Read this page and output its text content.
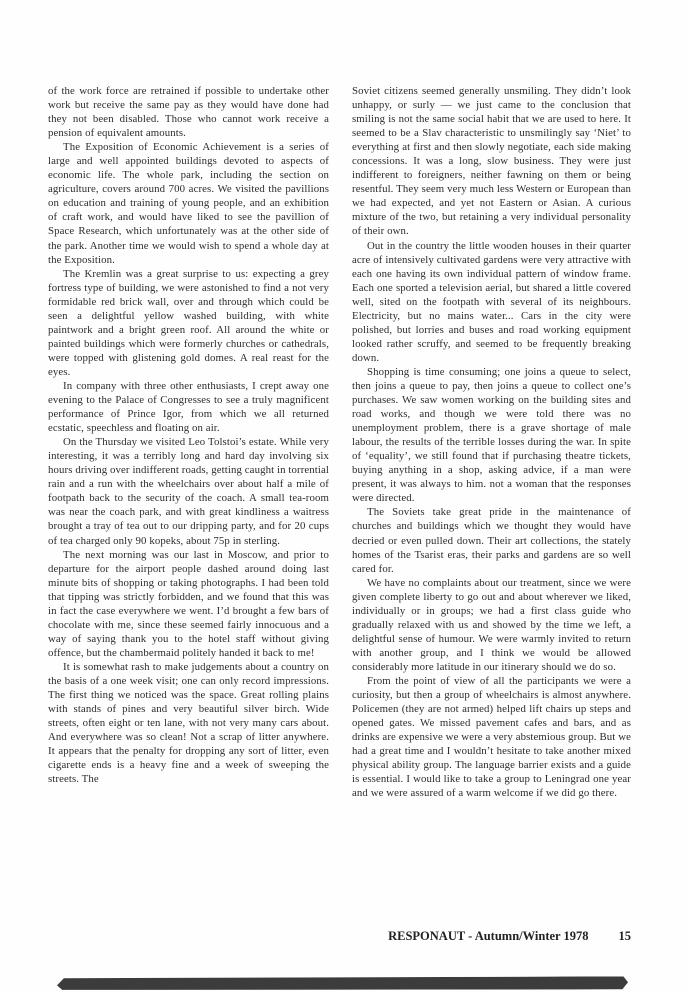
of the work force are retrained if possible to undertake other work but receive the same pay as they would have done had they not been disabled. Those who cannot work receive a pension of equivalent amounts.

The Exposition of Economic Achievement is a series of large and well appointed buildings devoted to aspects of economic life. The whole park, including the section on agriculture, covers around 700 acres. We visited the pavillions on education and training of young people, and an exhibition of craft work, and would have liked to see the pavillion of Space Research, which unfortunately was at the other side of the park. Another time we would wish to spend a whole day at the Exposition.

The Kremlin was a great surprise to us: expecting a grey fortress type of building, we were astonished to find a not very formidable red brick wall, over and through which could be seen a delightful yellow washed building, with white paintwork and a bright green roof. All around the white or painted buildings which were formerly churches or cathedrals, were topped with glistening gold domes. A real reast for the eyes.

In company with three other enthusiasts, I crept away one evening to the Palace of Congresses to see a truly magnificent performance of Prince Igor, from which we all returned ecstatic, speechless and floating on air.

On the Thursday we visited Leo Tolstoi’s estate. While very interesting, it was a terribly long and hard day involving six hours driving over indifferent roads, getting caught in torrential rain and a run with the wheelchairs over about half a mile of footpath back to the security of the coach. A small tea-room was near the coach park, and with great kindliness a waitress brought a tray of tea out to our dripping party, and for 20 cups of tea charged only 90 kopeks, about 75p in sterling.

The next morning was our last in Moscow, and prior to departure for the airport people dashed around doing last minute bits of shopping or taking photographs. I had been told that tipping was strictly forbidden, and we found that this was in fact the case everywhere we went. I’d brought a few bars of chocolate with me, since these seemed fairly innocuous and a way of saying thank you to the hotel staff without giving offence, but the chambermaid politely handed it back to me!

It is somewhat rash to make judgements about a country on the basis of a one week visit; one can only record impressions. The first thing we noticed was the space. Great rolling plains with stands of pines and very beautiful silver birch. Wide streets, often eight or ten lane, with not very many cars about. And everywhere was so clean! Not a scrap of litter anywhere. It appears that the penalty for dropping any sort of litter, even cigarette ends is a heavy fine and a week of sweeping the streets. The

Soviet citizens seemed generally unsmiling. They didn’t look unhappy, or surly — we just came to the conclusion that smiling is not the same social habit that we are used to here. It seemed to be a Slav characteristic to unsmilingly say ‘Niet’ to everything at first and then slowly negotiate, each side making concessions. It was a long, slow business. They were just indifferent to foreigners, neither fawning on them or being resentful. They seem very much less Western or European than we had expected, and yet not Eastern or Asian. A curious mixture of the two, but retaining a very individual personality of their own.

Out in the country the little wooden houses in their quarter acre of intensively cultivated gardens were very attractive with each one having its own individual pattern of window frame. Each one sported a television aerial, but shared a little covered well, sited on the footpath with several of its neighbours. Electricity, but no mains water... Cars in the city were polished, but lorries and buses and road working equipment looked rather scruffy, and seemed to be frequently breaking down.

Shopping is time consuming; one joins a queue to select, then joins a queue to pay, then joins a queue to collect one’s purchases. We saw women working on the building sites and road works, and though we were told there was no unemployment problem, there is a grave shortage of male labour, the results of the terrible losses during the war. In spite of ‘equality’, we still found that if purchasing theatre tickets, buying anything in a shop, asking advice, if a man were present, it was always to him. not a woman that the responses were directed.

The Soviets take great pride in the maintenance of churches and buildings which we thought they would have decried or even pulled down. Their art collections, the stately homes of the Tsarist eras, their parks and gardens are so well cared for.

We have no complaints about our treatment, since we were given complete liberty to go out and about wherever we liked, individually or in groups; we had a first class guide who gradually relaxed with us and showed by the time we left, a delightful sense of humour. We were warmly invited to return with another group, and I think we would be allowed considerably more latitude in our itinerary should we do so.

From the point of view of all the participants we were a curiosity, but then a group of wheelchairs is almost anywhere. Policemen (they are not armed) helped lift chairs up steps and opened gates. We missed pavement cafes and bars, and as drinks are expensive we were a very abstemious group. But we had a great time and I wouldn’t hesitate to take another mixed physical ability group. The language barrier exists and a guide is essential. I would like to take a group to Leningrad one year and we were assured of a warm welcome if we did go there.

RESPONAUT - Autumn/Winter 1978 15
